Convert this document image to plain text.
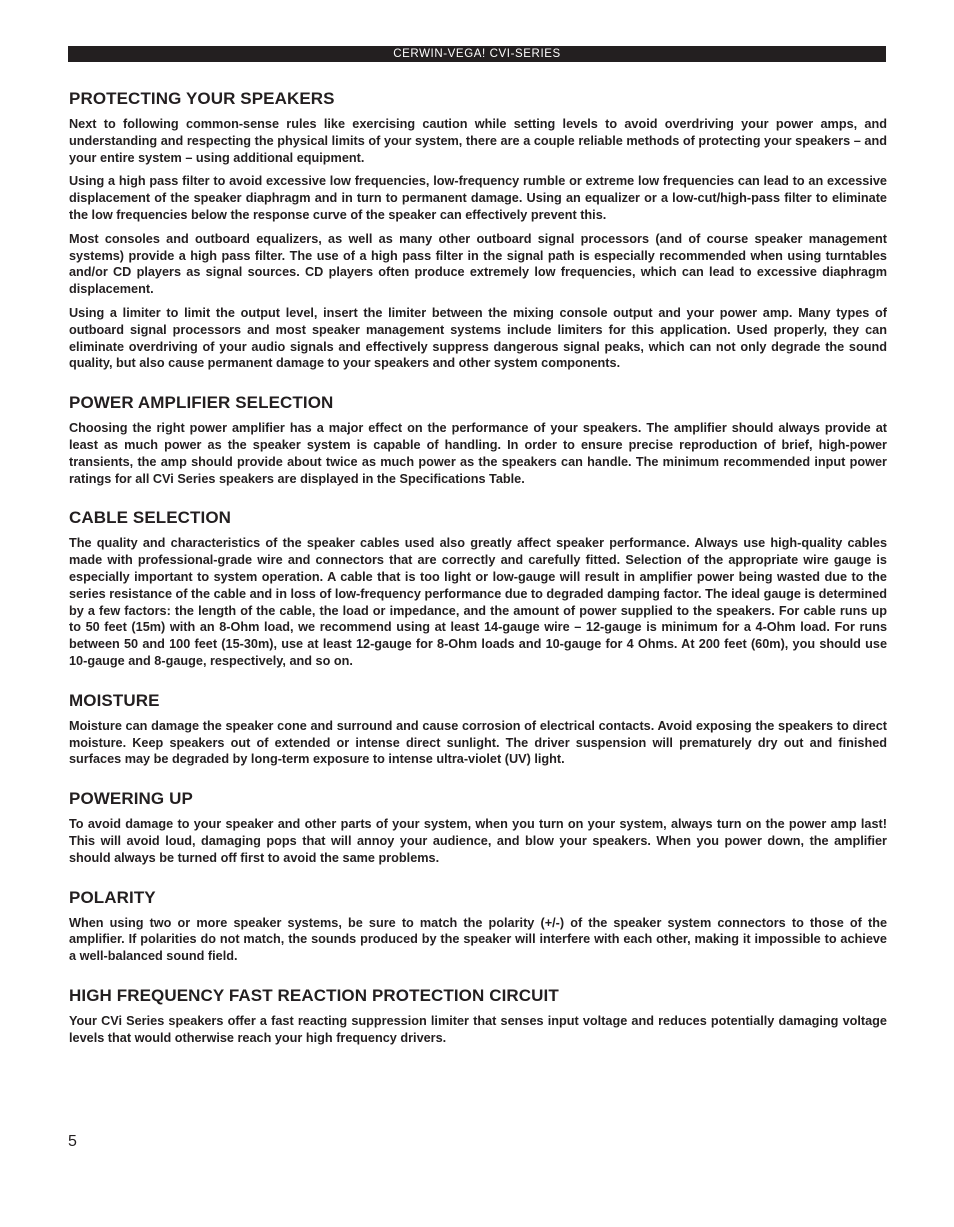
CERWIN-VEGA! CVI-SERIES
PROTECTING YOUR SPEAKERS

Next to following common-sense rules like exercising caution while setting levels to avoid overdriving your power amps, and understanding and respecting the physical limits of your system, there are a couple reliable methods of protecting your speakers – and your entire system – using additional equipment.

Using a high pass filter to avoid excessive low frequencies, low-frequency rumble or extreme low frequencies can lead to an excessive displacement of the speaker diaphragm and in turn to permanent damage. Using an equalizer or a low-cut/high-pass filter to eliminate the low frequencies below the response curve of the speaker can effectively prevent this.

Most consoles and outboard equalizers, as well as many other outboard signal processors (and of course speaker management systems) provide a high pass filter. The use of a high pass filter in the signal path is especially recommended when using turntables and/or CD players as signal sources. CD players often produce extremely low frequencies, which can lead to excessive diaphragm displacement.

Using a limiter to limit the output level, insert the limiter between the mixing console output and your power amp. Many types of outboard signal processors and most speaker management systems include limiters for this application. Used properly, they can eliminate overdriving of your audio signals and effectively suppress dangerous signal peaks, which can not only degrade the sound quality, but also cause permanent damage to your speakers and other system components.

POWER AMPLIFIER SELECTION

Choosing the right power amplifier has a major effect on the performance of your speakers. The amplifier should always provide at least as much power as the speaker system is capable of handling. In order to ensure precise reproduction of brief, high-power transients, the amp should provide about twice as much power as the speakers can handle. The minimum recommended input power ratings for all CVi Series speakers are displayed in the Specifications Table.

CABLE SELECTION

The quality and characteristics of the speaker cables used also greatly affect speaker performance. Always use high-quality cables made with professional-grade wire and connectors that are correctly and carefully fitted. Selection of the appropriate wire gauge is especially important to system operation. A cable that is too light or low-gauge will result in amplifier power being wasted due to the series resistance of the cable and in loss of low-frequency performance due to degraded damping factor. The ideal gauge is determined by a few factors: the length of the cable, the load or impedance, and the amount of power supplied to the speakers. For cable runs up to 50 feet (15m) with an 8-Ohm load, we recommend using at least 14-gauge wire – 12-gauge is minimum for a 4-Ohm load. For runs between 50 and 100 feet (15-30m), use at least 12-gauge for 8-Ohm loads and 10-gauge for 4 Ohms. At 200 feet (60m), you should use 10-gauge and 8-gauge, respectively, and so on.

MOISTURE

Moisture can damage the speaker cone and surround and cause corrosion of electrical contacts. Avoid exposing the speakers to direct moisture. Keep speakers out of extended or intense direct sunlight. The driver suspension will prematurely dry out and finished surfaces may be degraded by long-term exposure to intense ultra-violet (UV) light.

POWERING UP

To avoid damage to your speaker and other parts of your system, when you turn on your system, always turn on the power amp last! This will avoid loud, damaging pops that will annoy your audience, and blow your speakers. When you power down, the amplifier should always be turned off first to avoid the same problems.

POLARITY

When using two or more speaker systems, be sure to match the polarity (+/-) of the speaker system connectors to those of the amplifier. If polarities do not match, the sounds produced by the speaker will interfere with each other, making it impossible to achieve a well-balanced sound field.

HIGH FREQUENCY FAST REACTION PROTECTION CIRCUIT

Your CVi Series speakers offer a fast reacting suppression limiter that senses input voltage and reduces potentially damaging voltage levels that would otherwise reach your high frequency drivers.

5
